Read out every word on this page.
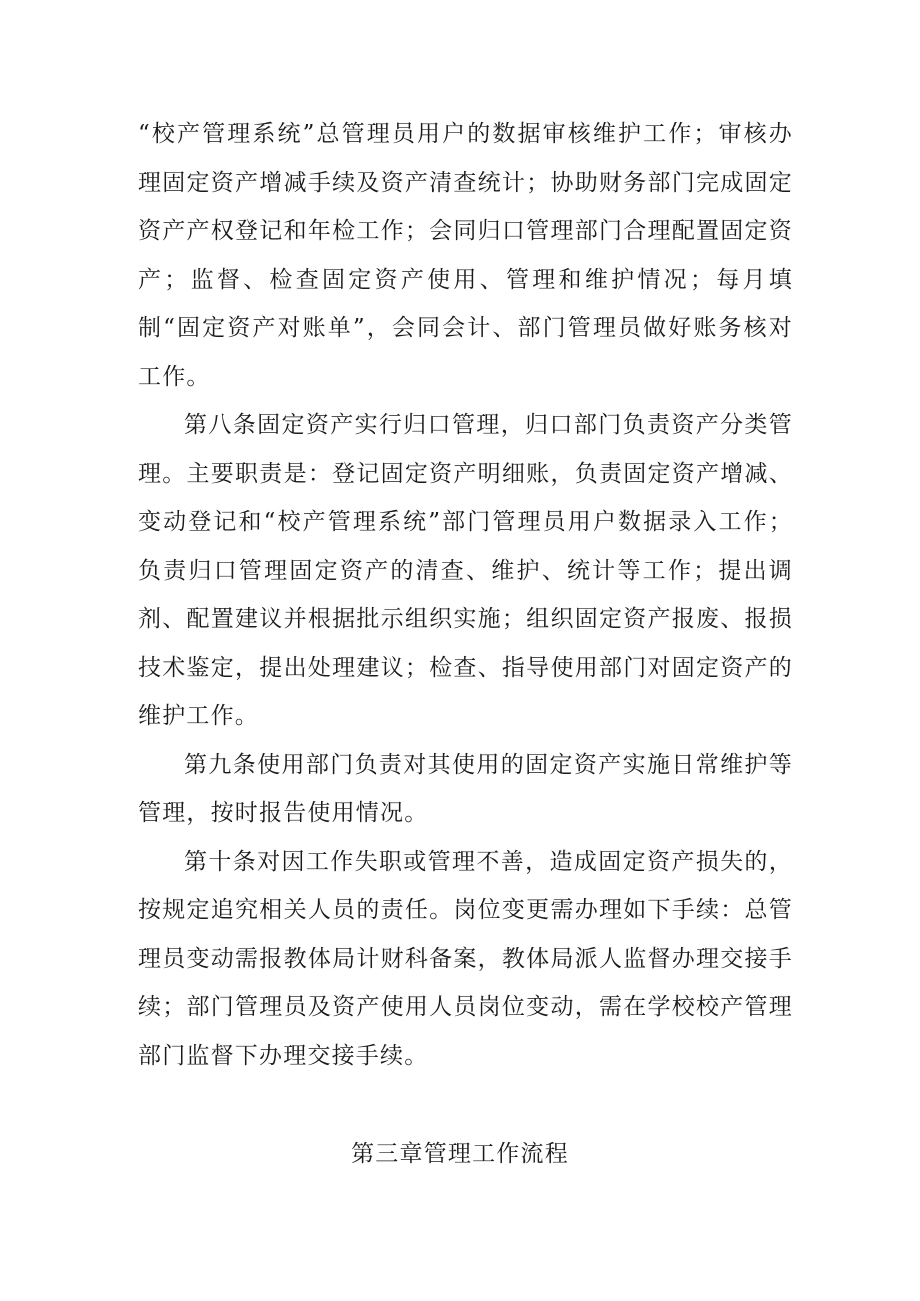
“校产管理系统”总管理员用户的数据审核维护工作；审核办理固定资产增减手续及资产清查统计；协助财务部门完成固定资产产权登记和年检工作；会同归口管理部门合理配置固定资产；监督、检查固定资产使用、管理和维护情况；每月填制“固定资产对账单”，会同会计、部门管理员做好账务核对工作。

第八条固定资产实行归口管理，归口部门负责资产分类管理。主要职责是：登记固定资产明细账，负责固定资产增减、变动登记和“校产管理系统”部门管理员用户数据录入工作；负责归口管理固定资产的清查、维护、统计等工作；提出调剂、配置建议并根据批示组织实施；组织固定资产报废、报损技术鉴定，提出处理建议；检查、指导使用部门对固定资产的维护工作。

第九条使用部门负责对其使用的固定资产实施日常维护等管理，按时报告使用情况。

第十条对因工作失职或管理不善，造成固定资产损失的，按规定追究相关人员的责任。岗位变更需办理如下手续：总管理员变动需报教体局计财科备案，教体局派人监督办理交接手续；部门管理员及资产使用人员岗位变动，需在学校校产管理部门监督下办理交接手续。

第三章管理工作流程
